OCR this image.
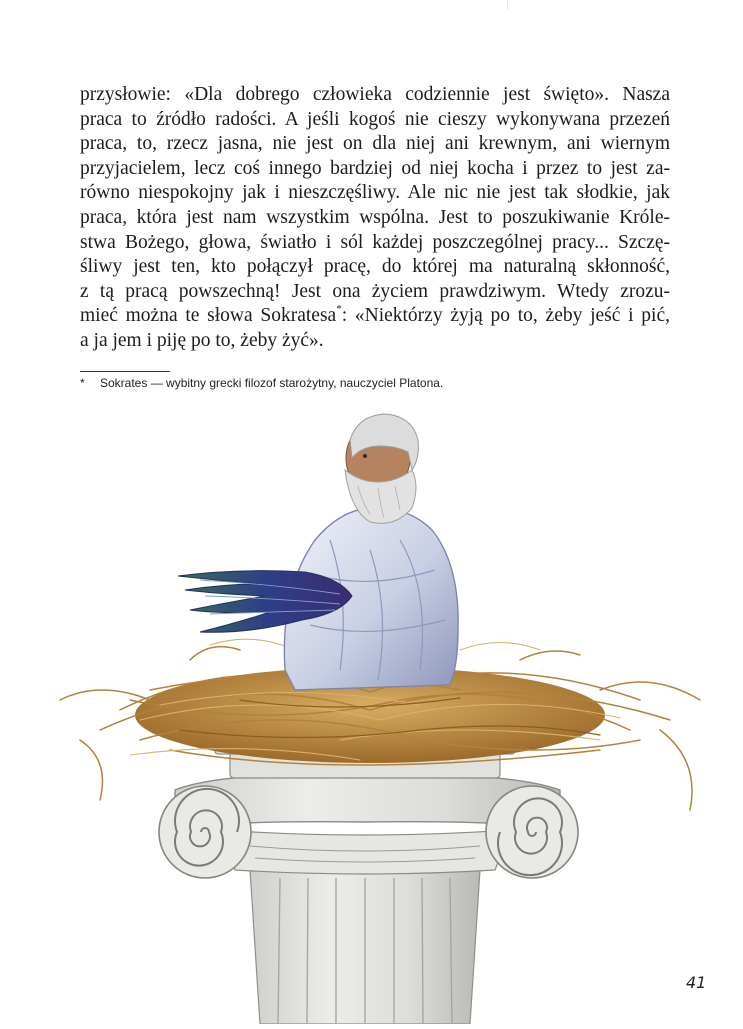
przysłowie: «Dla dobrego człowieka codziennie jest święto». Nasza
praca to źródło radości. A jeśli kogoś nie cieszy wykonywana przezeń
praca, to, rzecz jasna, nie jest on dla niej ani krewnym, ani wiernym
przyjacielem, lecz coś innego bardziej od niej kocha i przez to jest za-
równo niespokojny jak i nieszczęśliwy. Ale nic nie jest tak słodkie, jak
praca, która jest nam wszystkim wspólna. Jest to poszukiwanie Króle-
stwa Bożego, głowa, światło i sól każdej poszczególnej pracy... Szczę-
śliwy jest ten, kto połączył pracę, do której ma naturalną skłonność,
z tą pracą powszechną! Jest ona życiem prawdziwym. Wtedy zrozu-
mieć można te słowa Sokratesa*: «Niektórzy żyją po to, żeby jeść i pić,
a ja jem i piję po to, żeby żyć».
* Sokrates — wybitny grecki filozof starożytny, nauczyciel Platona.
41
